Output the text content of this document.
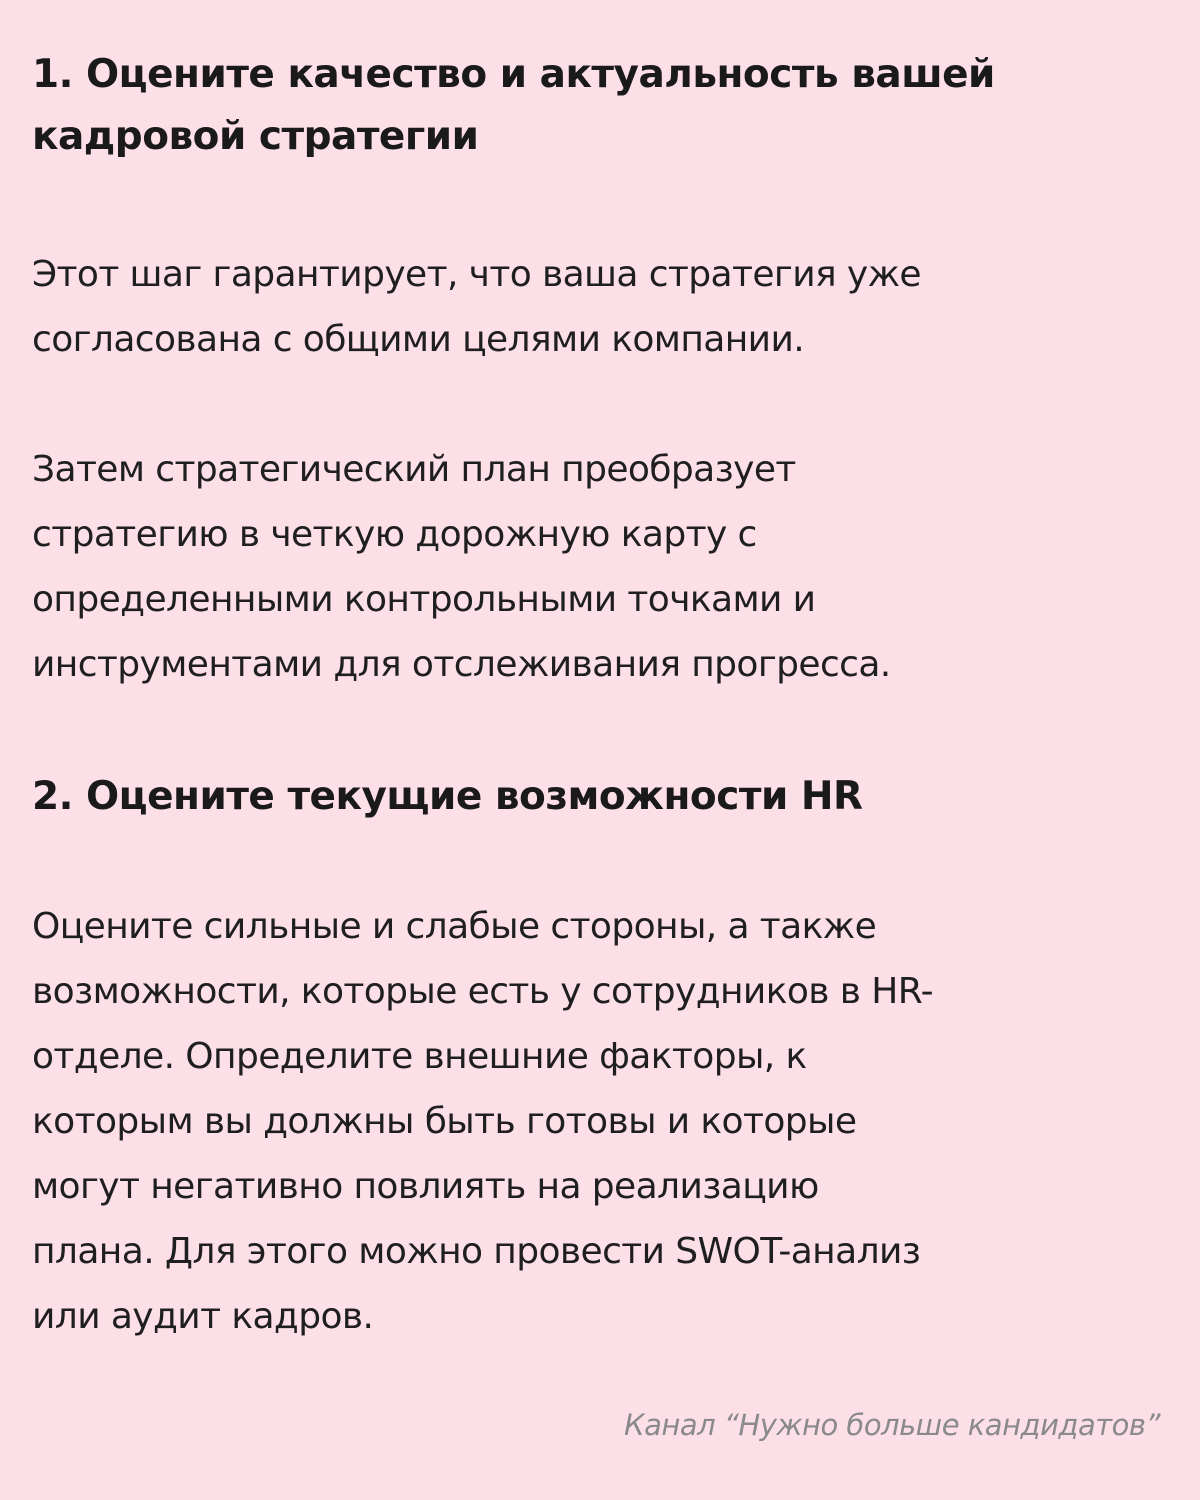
1. Оцените качество и актуальность вашей
кадровой стратегии

Этот шаг гарантирует, что ваша стратегия уже
согласована с общими целями компании.

Затем стратегический план преобразует
стратегию в четкую дорожную карту с
определенными контрольными точками и
инструментами для отслеживания прогресса.

2. Оцените текущие возможности HR

Оцените сильные и слабые стороны, а также
возможности, которые есть у сотрудников в HR-
отделе. Определите внешние факторы, к
которым вы должны быть готовы и которые
могут негативно повлиять на реализацию
плана. Для этого можно провести SWOT-анализ
или аудит кадров.

Канал “Нужно больше кандидатов”
